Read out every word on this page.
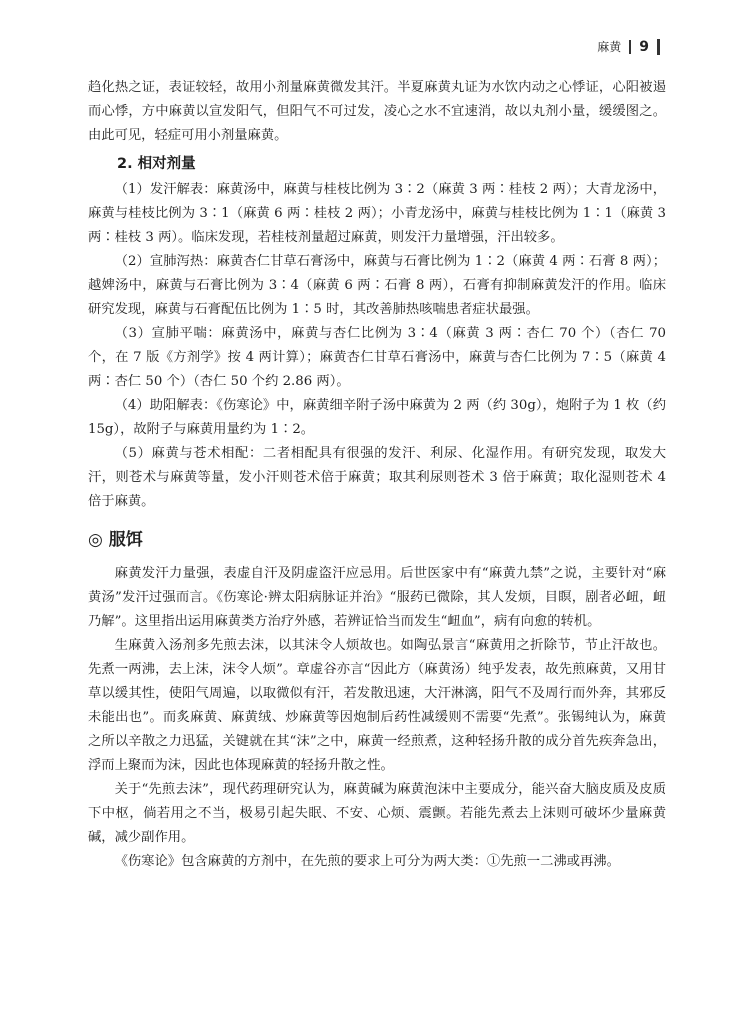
麻黄 9

趋化热之证，表证较轻，故用小剂量麻黄微发其汗。半夏麻黄丸证为水饮内动之心悸证，心阳被遏而心悸，方中麻黄以宣发阳气，但阳气不可过发，凌心之水不宜速消，故以丸剂小量，缓缓图之。由此可见，轻症可用小剂量麻黄。

2. 相对剂量

（1）发汗解表：麻黄汤中，麻黄与桂枝比例为 3∶2（麻黄 3 两∶桂枝 2 两）；大青龙汤中，麻黄与桂枝比例为 3∶1（麻黄 6 两∶桂枝 2 两）；小青龙汤中，麻黄与桂枝比例为 1∶1（麻黄 3 两∶桂枝 3 两）。临床发现，若桂枝剂量超过麻黄，则发汗力量增强，汗出较多。

（2）宣肺泻热：麻黄杏仁甘草石膏汤中，麻黄与石膏比例为 1∶2（麻黄 4 两∶石膏 8 两）；越婢汤中，麻黄与石膏比例为 3∶4（麻黄 6 两∶石膏 8 两），石膏有抑制麻黄发汗的作用。临床研究发现，麻黄与石膏配伍比例为 1∶5 时，其改善肺热咳喘患者症状最强。

（3）宣肺平喘：麻黄汤中，麻黄与杏仁比例为 3∶4（麻黄 3 两∶杏仁 70 个）（杏仁 70 个，在 7 版《方剂学》按 4 两计算）；麻黄杏仁甘草石膏汤中，麻黄与杏仁比例为 7∶5（麻黄 4 两∶杏仁 50 个）（杏仁 50 个约 2.86 两）。

（4）助阳解表：《伤寒论》中，麻黄细辛附子汤中麻黄为 2 两（约 30g），炮附子为 1 枚（约 15g），故附子与麻黄用量约为 1∶2。

（5）麻黄与苍术相配：二者相配具有很强的发汗、利尿、化湿作用。有研究发现，取发大汗，则苍术与麻黄等量，发小汗则苍术倍于麻黄；取其利尿则苍术 3 倍于麻黄；取化湿则苍术 4 倍于麻黄。

◎ 服饵

麻黄发汗力量强，表虚自汗及阴虚盗汗应忌用。后世医家中有“麻黄九禁”之说，主要针对“麻黄汤”发汗过强而言。《伤寒论·辨太阳病脉证并治》“服药已微除，其人发烦，目瞑，剧者必衄，衄乃解”。这里指出运用麻黄类方治疗外感，若辨证恰当而发生“衄血”，病有向愈的转机。

生麻黄入汤剂多先煎去沫，以其沫令人烦故也。如陶弘景言“麻黄用之折除节，节止汗故也。先煮一两沸，去上沫，沫令人烦”。章虚谷亦言“因此方（麻黄汤）纯乎发表，故先煎麻黄，又用甘草以缓其性，使阳气周遍，以取微似有汗，若发散迅速，大汗淋漓，阳气不及周行而外奔，其邪反未能出也”。而炙麻黄、麻黄绒、炒麻黄等因炮制后药性减缓则不需要“先煮”。张锡纯认为，麻黄之所以辛散之力迅猛，关键就在其“沫”之中，麻黄一经煎煮，这种轻扬升散的成分首先疾奔急出，浮而上聚而为沫，因此也体现麻黄的轻扬升散之性。

关于“先煎去沫”，现代药理研究认为，麻黄碱为麻黄泡沫中主要成分，能兴奋大脑皮质及皮质下中枢，倘若用之不当，极易引起失眠、不安、心烦、震颤。若能先煮去上沫则可破坏少量麻黄碱，减少副作用。

《伤寒论》包含麻黄的方剂中，在先煎的要求上可分为两大类：①先煎一二沸或再沸。
